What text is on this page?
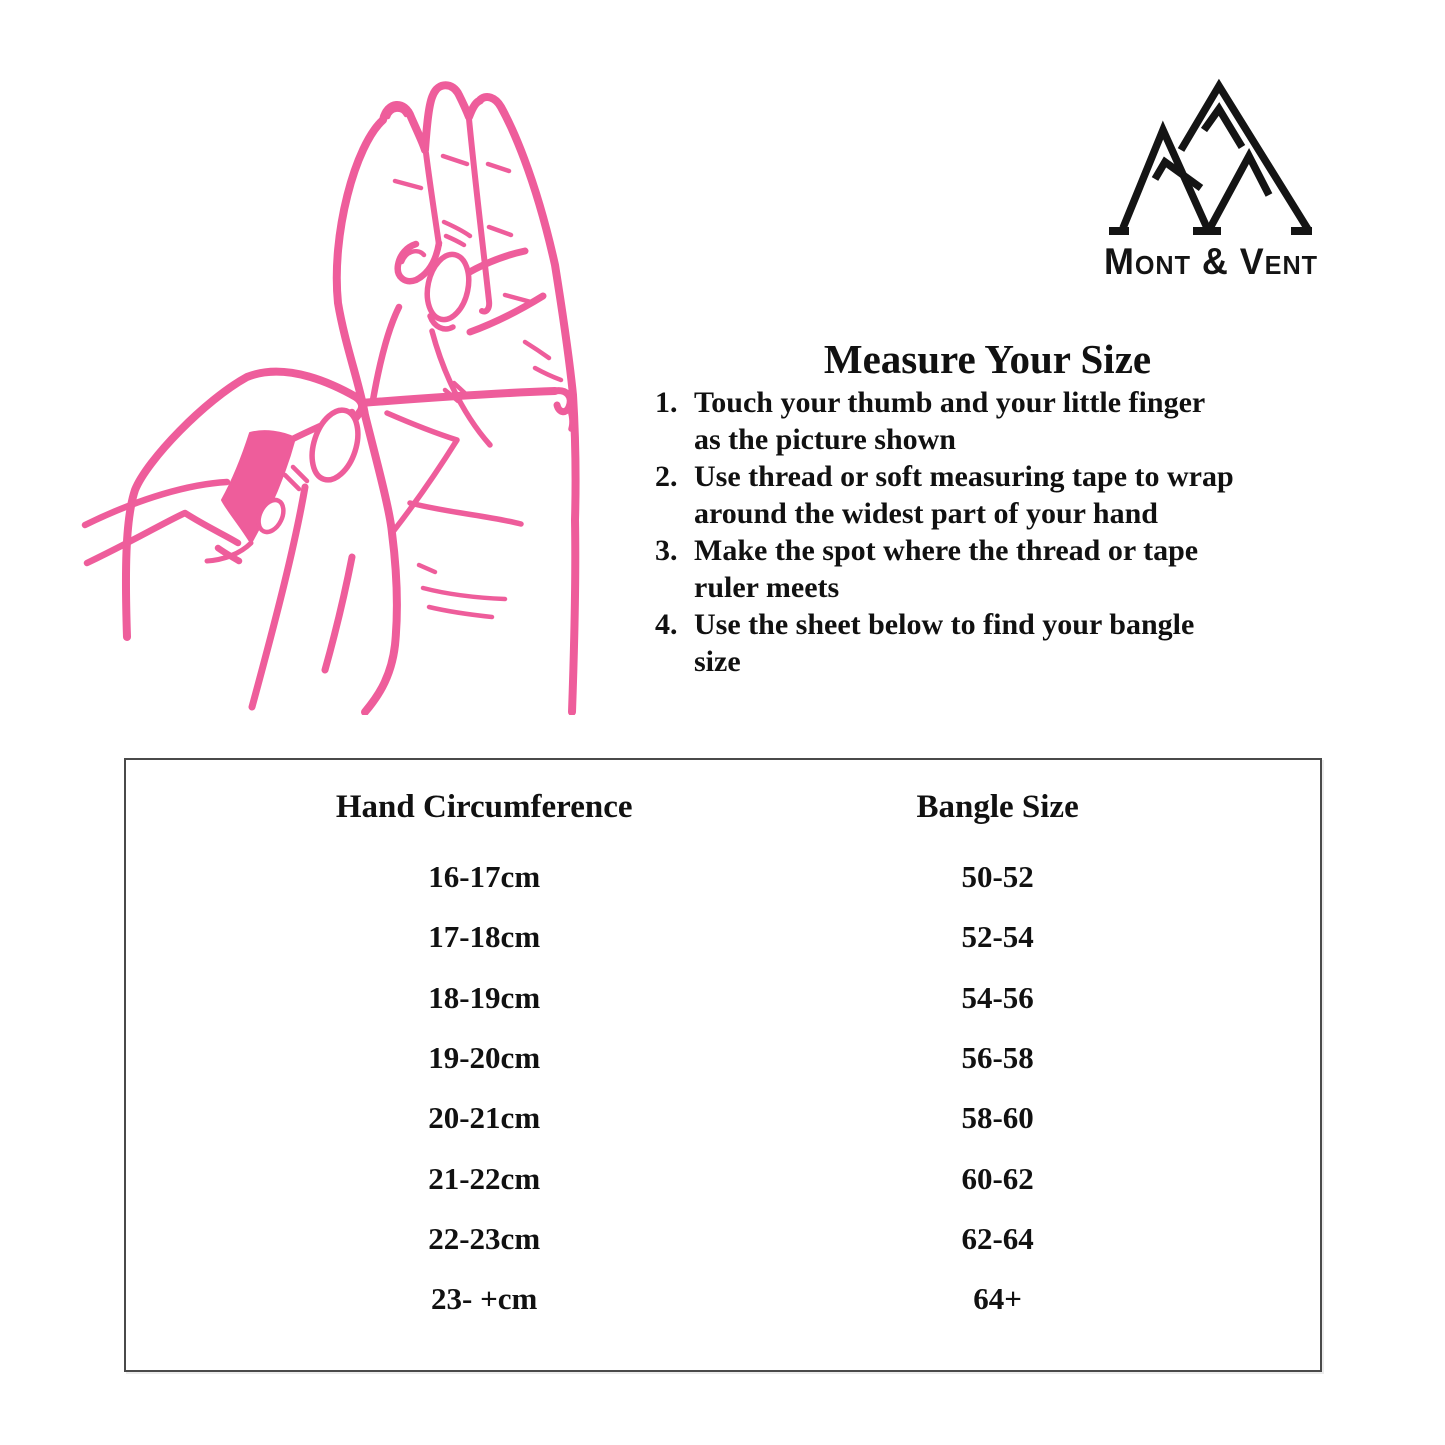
Mont & Vent
Measure Your Size
1. Touch your thumb and your little finger
as the picture shown
2. Use thread or soft measuring tape to wrap
around the widest part of your hand
3. Make the spot where the thread or tape
ruler meets
4. Use the sheet below to find your bangle
size
Hand Circumference	Bangle Size
16-17cm	50-52
17-18cm	52-54
18-19cm	54-56
19-20cm	56-58
20-21cm	58-60
21-22cm	60-62
22-23cm	62-64
23- +cm	64+
